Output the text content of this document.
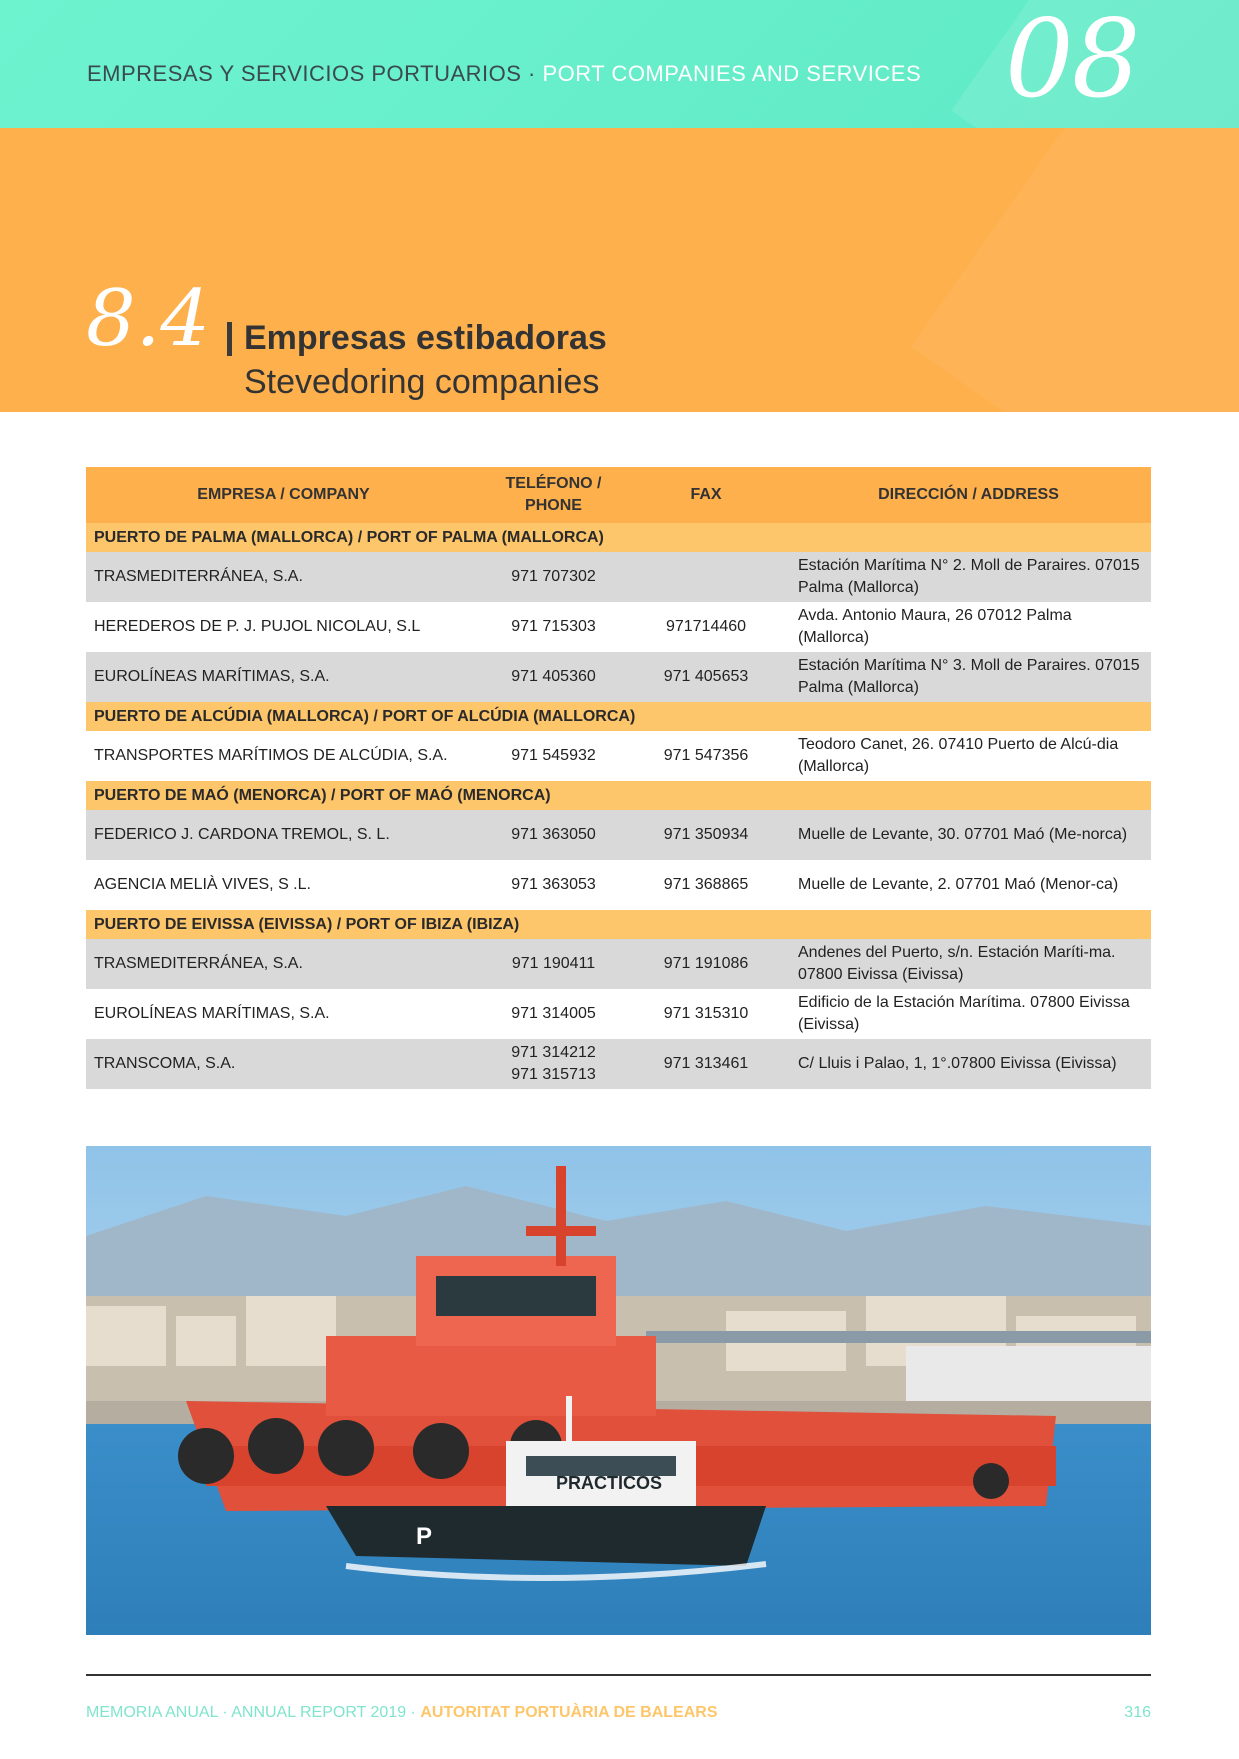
EMPRESAS Y SERVICIOS PORTUARIOS · PORT COMPANIES AND SERVICES 08
8.4 Empresas estibadoras
Stevedoring companies
EMPRESA / COMPANY	TELÉFONO /
PHONE	FAX	DIRECCIÓN / ADDRESS
PUERTO DE PALMA (MALLORCA) / PORT OF PALMA (MALLORCA)			
TRASMEDITERRÁNEA, S.A.	971 707302		Estación Marítima N° 2. Moll de Paraires. 07015 Palma (Mallorca)
HEREDEROS DE P. J. PUJOL NICOLAU, S.L	971 715303	971714460	Avda. Antonio Maura, 26 07012 Palma (Mallorca)
EUROLÍNEAS MARÍTIMAS, S.A.	971 405360	971 405653	Estación Marítima N° 3. Moll de Paraires. 07015 Palma (Mallorca)
PUERTO DE ALCÚDIA (MALLORCA) / PORT OF ALCÚDIA (MALLORCA)			
TRANSPORTES MARÍTIMOS DE ALCÚDIA, S.A.	971 545932	971 547356	Teodoro Canet, 26. 07410 Puerto de Alcú-dia (Mallorca)
PUERTO DE MAÓ (MENORCA) / PORT OF MAÓ (MENORCA)			
FEDERICO J. CARDONA TREMOL, S. L.	971 363050	971 350934	Muelle de Levante, 30. 07701 Maó (Me-norca)
AGENCIA MELIÀ VIVES, S .L.	971 363053	971 368865	Muelle de Levante, 2. 07701 Maó (Menor-ca)
PUERTO DE EIVISSA (EIVISSA) / PORT OF IBIZA (IBIZA)			
TRASMEDITERRÁNEA, S.A.	971 190411	971 191086	Andenes del Puerto, s/n. Estación Maríti-ma. 07800 Eivissa (Eivissa)
EUROLÍNEAS MARÍTIMAS, S.A.	971 314005	971 315310	Edificio de la Estación Marítima. 07800 Eivissa (Eivissa)
TRANSCOMA, S.A.	971 314212
971 315713	971 313461	C/ Lluis i Palao, 1, 1°.07800 Eivissa (Eivissa)
PRACTICOS
P
MEMORIA ANUAL · ANNUAL REPORT 2019 · AUTORITAT PORTUÀRIA DE BALEARS	316
